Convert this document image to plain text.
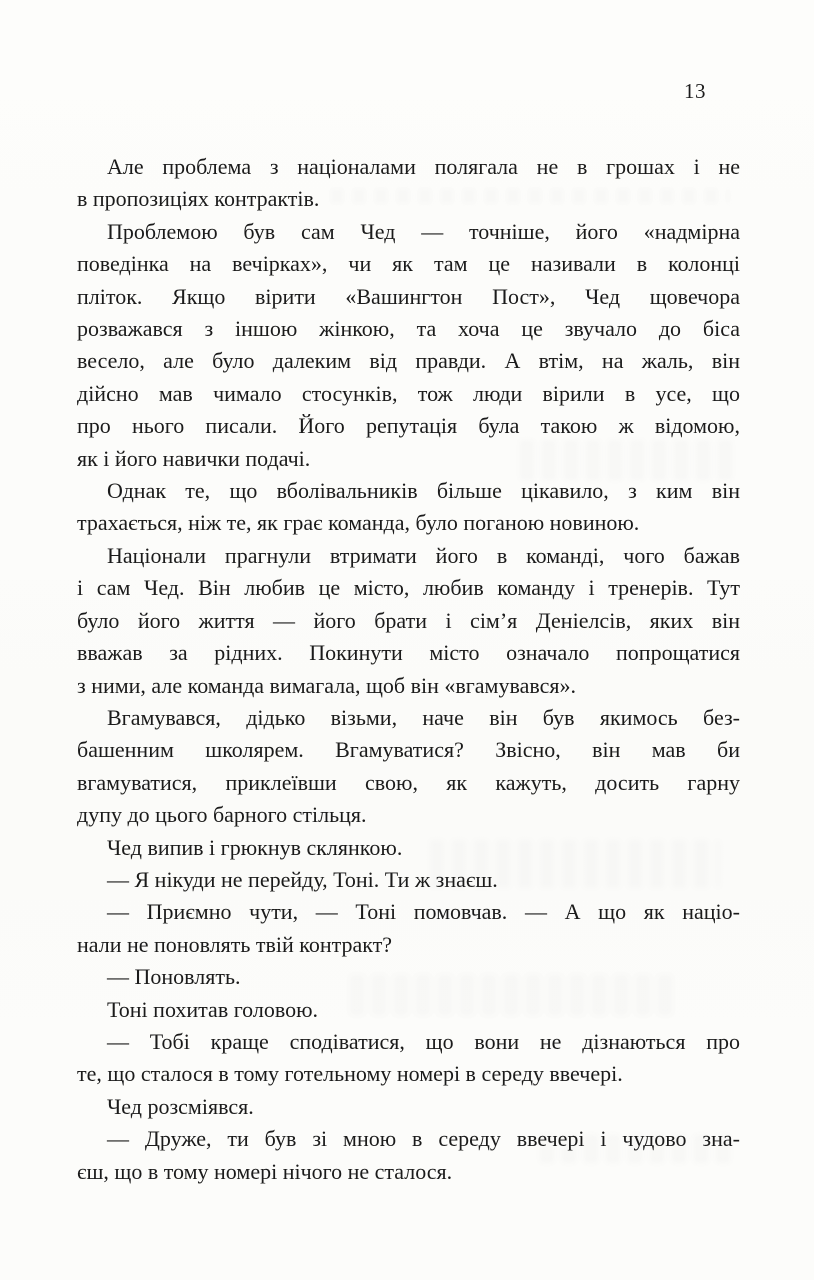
13
Але проблема з націоналами полягала не в грошах і не
в пропозиціях контрактів.
Проблемою був сам Чед — точніше, його «надмірна
поведінка на вечірках», чи як там це називали в колонці
пліток. Якщо вірити «Вашингтон Пост», Чед щовечора
розважався з іншою жінкою, та хоча це звучало до біса
весело, але було далеким від правди. А втім, на жаль, він
дійсно мав чимало стосунків, тож люди вірили в усе, що
про нього писали. Його репутація була такою ж відомою,
як і його навички подачі.
Однак те, що вболівальників більше цікавило, з ким він
трахається, ніж те, як грає команда, було поганою новиною.
Націонали прагнули втримати його в команді, чого бажав
і сам Чед. Він любив це місто, любив команду і тренерів. Тут
було його життя — його брати і сім’я Деніелсів, яких він
вважав за рідних. Покинути місто означало попрощатися
з ними, але команда вимагала, щоб він «вгамувався».
Вгамувався, дідько візьми, наче він був якимось без-
башенним школярем. Вгамуватися? Звісно, він мав би
вгамуватися, приклеївши свою, як кажуть, досить гарну
дупу до цього барного стільця.
Чед випив і грюкнув склянкою.
— Я нікуди не перейду, Тоні. Ти ж знаєш.
— Приємно чути, — Тоні помовчав. — А що як націо-
нали не поновлять твій контракт?
— Поновлять.
Тоні похитав головою.
— Тобі краще сподіватися, що вони не дізнаються про
те, що сталося в тому готельному номері в середу ввечері.
Чед розсміявся.
— Друже, ти був зі мною в середу ввечері і чудово зна-
єш, що в тому номері нічого не сталося.
